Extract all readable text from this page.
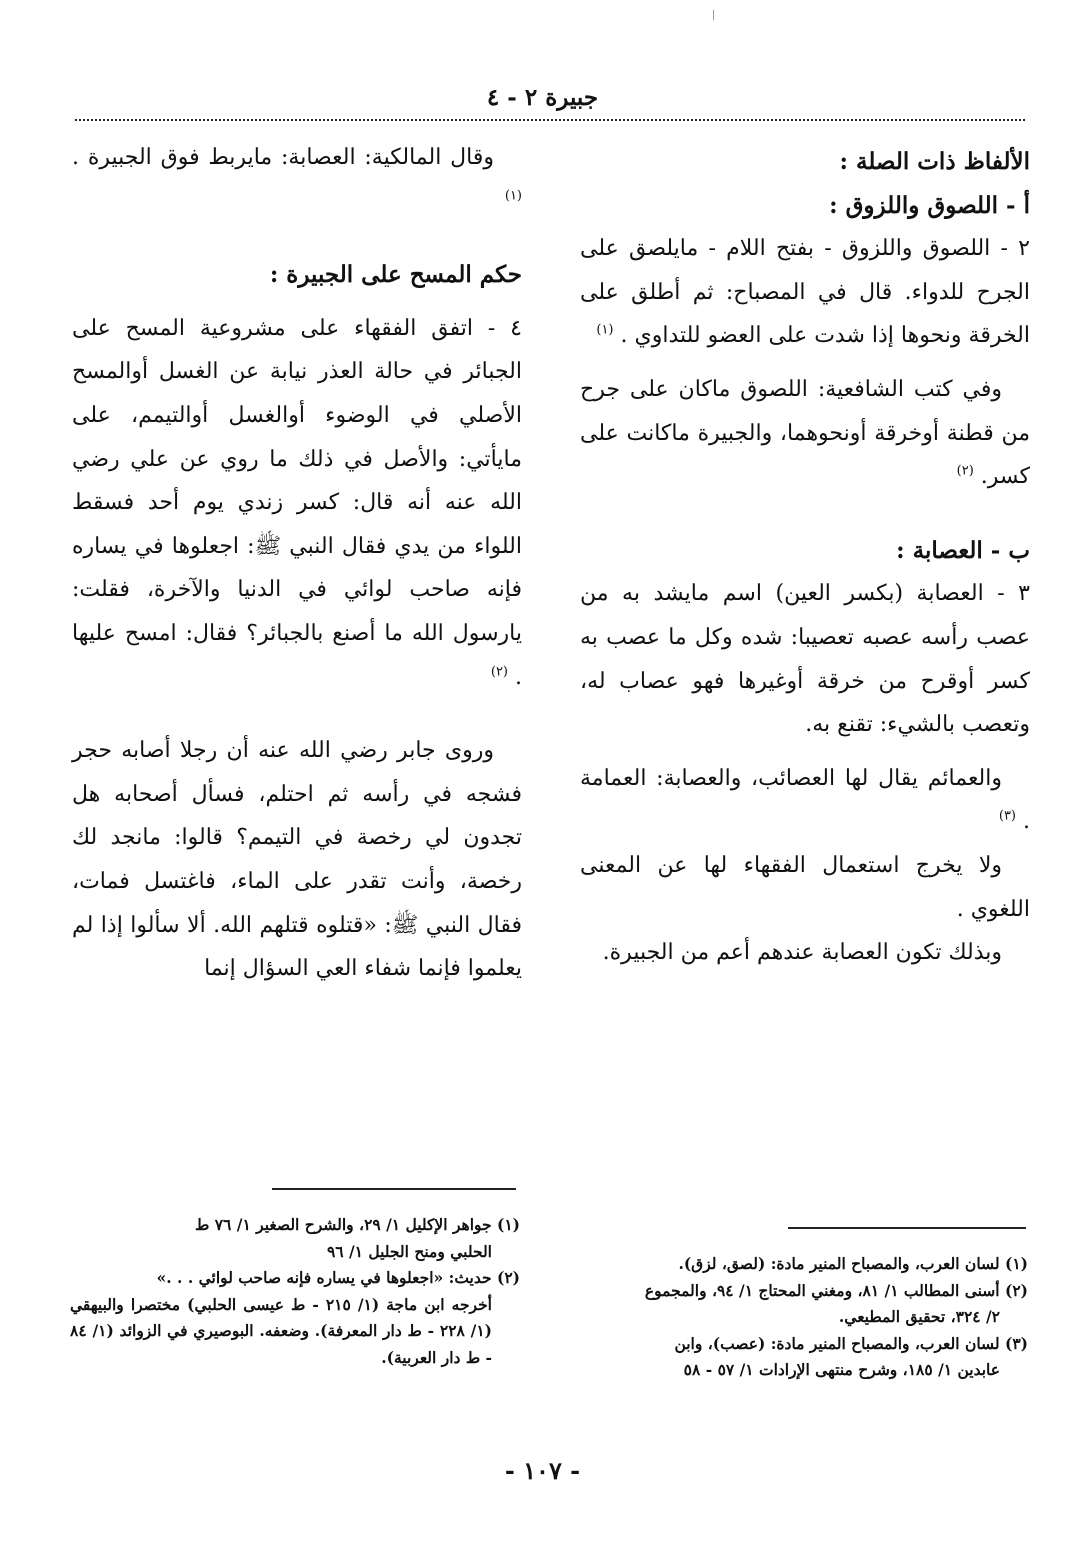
جبيرة ٢ - ٤

الألفاظ ذات الصلة :

أ - اللصوق واللزوق :

٢ - اللصوق واللزوق - بفتح اللام - مايلصق على الجرح للدواء. قال في المصباح: ثم أطلق على الخرقة ونحوها إذا شدت على العضو للتداوي . $^{(١)}$

وفي كتب الشافعية: اللصوق ماكان على جرح من قطنة أوخرقة أونحوهما، والجبيرة ماكانت على كسر. $^{(٢)}$

ب - العصابة :

٣ - العصابة (بكسر العين) اسم مايشد به من عصب رأسه عصبه تعصيبا: شده وكل ما عصب به كسر أوقرح من خرقة أوغيرها فهو عصاب له، وتعصب بالشيء: تقنع به.

والعمائم يقال لها العصائب، والعصابة: العمامة . $^{(٣)}$

ولا يخرج استعمال الفقهاء لها عن المعنى اللغوي .

وبذلك تكون العصابة عندهم أعم من الجبيرة.

وقال المالكية: العصابة: مايربط فوق الجبيرة . $^{(١)}$

حكم المسح على الجبيرة :

٤ - اتفق الفقهاء على مشروعية المسح على الجبائر في حالة العذر نيابة عن الغسل أوالمسح الأصلي في الوضوء أوالغسل أوالتيمم، على مايأتي: والأصل في ذلك ما روي عن علي رضي الله عنه أنه قال: كسر زندي يوم أحد فسقط اللواء من يدي فقال النبي ﷺ: اجعلوها في يساره فإنه صاحب لوائي في الدنيا والآخرة، فقلت: يارسول الله ما أصنع بالجبائر؟ فقال: امسح عليها . $^{(٢)}$

وروى جابر رضي الله عنه أن رجلا أصابه حجر فشجه في رأسه ثم احتلم، فسأل أصحابه هل تجدون لي رخصة في التيمم؟ قالوا: مانجد لك رخصة، وأنت تقدر على الماء، فاغتسل فمات، فقال النبي ﷺ: «قتلوه قتلهم الله. ألا سألوا إذا لم يعلموا فإنما شفاء العي السؤال إنما

(١) جواهر الإكليل ١/ ٢٩، والشرح الصغير ١/ ٧٦ ط

الحلبي ومنح الجليل ١/ ٩٦

(٢) حديث: «اجعلوها في يساره فإنه صاحب لوائي . . .»

أخرجه ابن ماجة (١/ ٢١٥ - ط عيسى الحلبي) مختصرا والبيهقي (١/ ٢٢٨ - ط دار المعرفة). وضعفه. البوصيري في الزوائد (١/ ٨٤ - ط دار العربية).

(١) لسان العرب، والمصباح المنير مادة: (لصق، لزق).

(٢) أسنى المطالب ١/ ٨١، ومغني المحتاج ١/ ٩٤، والمجموع

٢/ ٣٢٤، تحقيق المطيعي.

(٣) لسان العرب، والمصباح المنير مادة: (عصب)، وابن

عابدين ١/ ١٨٥، وشرح منتهى الإرادات ١/ ٥٧ - ٥٨

- ١٠٧ -
